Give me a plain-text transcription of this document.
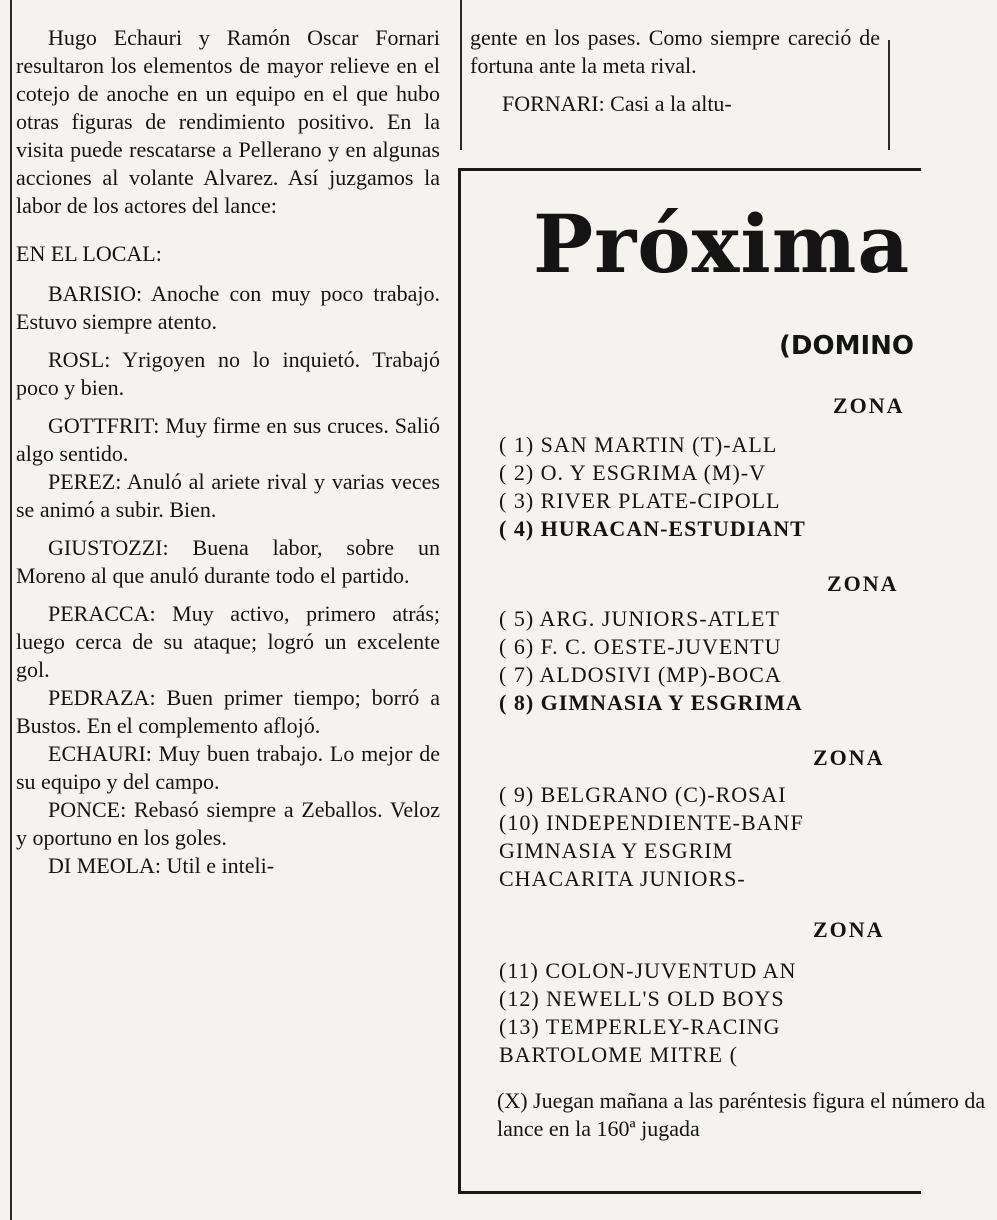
Hugo Echauri y Ramón Oscar Fornari resultaron los elementos de mayor relieve en el cotejo de anoche en un equipo en el que hubo otras figuras de rendimiento positivo. En la visita puede rescatarse a Pellerano y en algunas acciones al volante Alvarez. Así juzgamos la labor de los actores del lance:

EN EL LOCAL:

BARISIO: Anoche con muy poco trabajo. Estuvo siempre atento.

ROSL: Yrigoyen no lo inquietó. Trabajó poco y bien.

GOTTFRIT: Muy firme en sus cruces. Salió algo sentido.

PEREZ: Anuló al ariete rival y varias veces se animó a subir. Bien.

GIUSTOZZI: Buena labor, sobre un Moreno al que anuló durante todo el partido.

PERACCA: Muy activo, primero atrás; luego cerca de su ataque; logró un excelente gol.

PEDRAZA: Buen primer tiempo; borró a Bustos. En el complemento aflojó.

ECHAURI: Muy buen trabajo. Lo mejor de su equipo y del campo.

PONCE: Rebasó siempre a Zeballos. Veloz y oportuno en los goles.

DI MEOLA: Util e inteli-

gente en los pases. Como siempre careció de fortuna ante la meta rival.

FORNARI: Casi a la altu-

Próxima
(DOMINO
ZONA
( 1) SAN MARTIN (T)-ALL
( 2) O. Y ESGRIMA (M)-V
( 3) RIVER PLATE-CIPOLL
( 4) HURACAN-ESTUDIANT
ZONA
( 5) ARG. JUNIORS-ATLET
( 6) F. C. OESTE-JUVENTU
( 7) ALDOSIVI (MP)-BOCA
( 8) GIMNASIA Y ESGRIMA
ZONA
( 9) BELGRANO (C)-ROSAI
(10) INDEPENDIENTE-BANF
GIMNASIA Y ESGRIM
CHACARITA JUNIORS-
ZONA
(11) COLON-JUVENTUD AN
(12) NEWELL'S OLD BOYS
(13) TEMPERLEY-RACING
BARTOLOME MITRE (
(X) Juegan mañana a las paréntesis figura el número da lance en la 160ª jugada
